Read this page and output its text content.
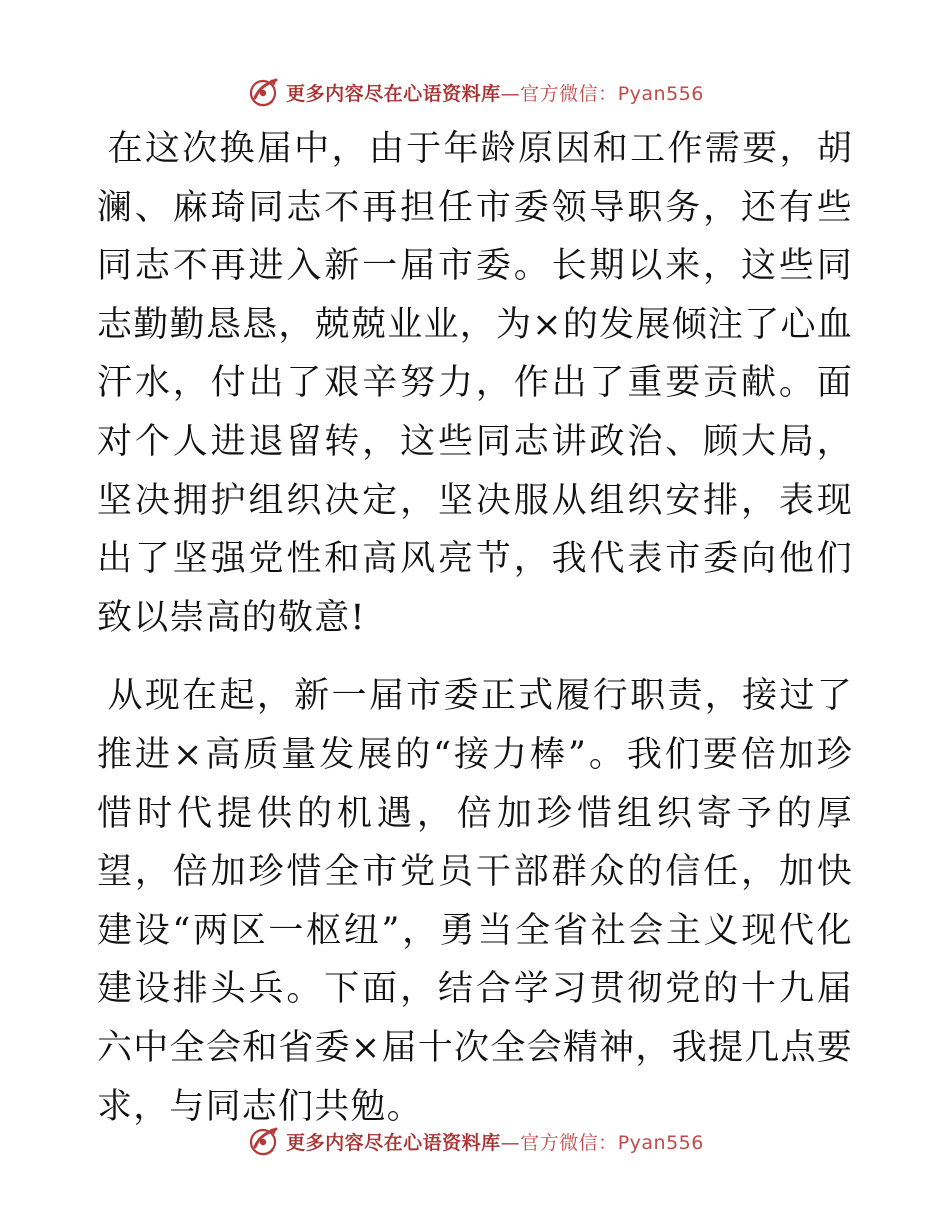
更多内容尽在心语资料库—官方微信：Pyan556

在这次换届中，由于年龄原因和工作需要，胡澜、麻琦同志不再担任市委领导职务，还有些同志不再进入新一届市委。长期以来，这些同志勤勤恳恳，兢兢业业，为×的发展倾注了心血汗水，付出了艰辛努力，作出了重要贡献。面对个人进退留转，这些同志讲政治、顾大局，坚决拥护组织决定，坚决服从组织安排，表现出了坚强党性和高风亮节，我代表市委向他们致以崇高的敬意!

从现在起，新一届市委正式履行职责，接过了推进×高质量发展的“接力棒”。我们要倍加珍惜时代提供的机遇，倍加珍惜组织寄予的厚望，倍加珍惜全市党员干部群众的信任，加快建设“两区一枢纽”，勇当全省社会主义现代化建设排头兵。下面，结合学习贯彻党的十九届六中全会和省委×届十次全会精神，我提几点要求，与同志们共勉。

更多内容尽在心语资料库—官方微信：Pyan556
